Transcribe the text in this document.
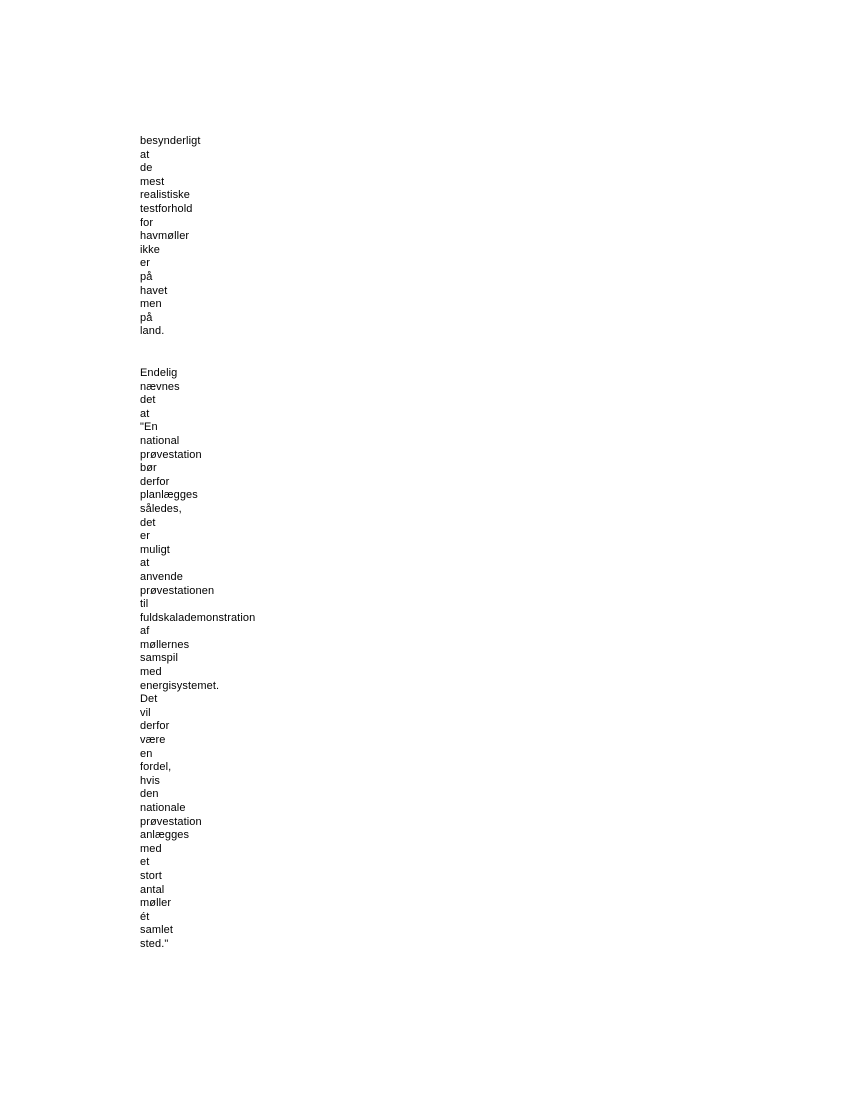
besynderligt
at
de
mest
realistiske
testforhold
for
havmøller
ikke
er
på
havet
men
på
land.
Endelig
nævnes
det
at
"En
national
prøvestation
bør
derfor
planlægges
således,
det
er
muligt
at
anvende
prøvestationen
til
fuldskalademonstration
af
møllernes
samspil
med
energisystemet.
Det
vil
derfor
være
en
fordel,
hvis
den
nationale
prøvestation
anlægges
med
et
stort
antal
møller
ét
samlet
sted."
